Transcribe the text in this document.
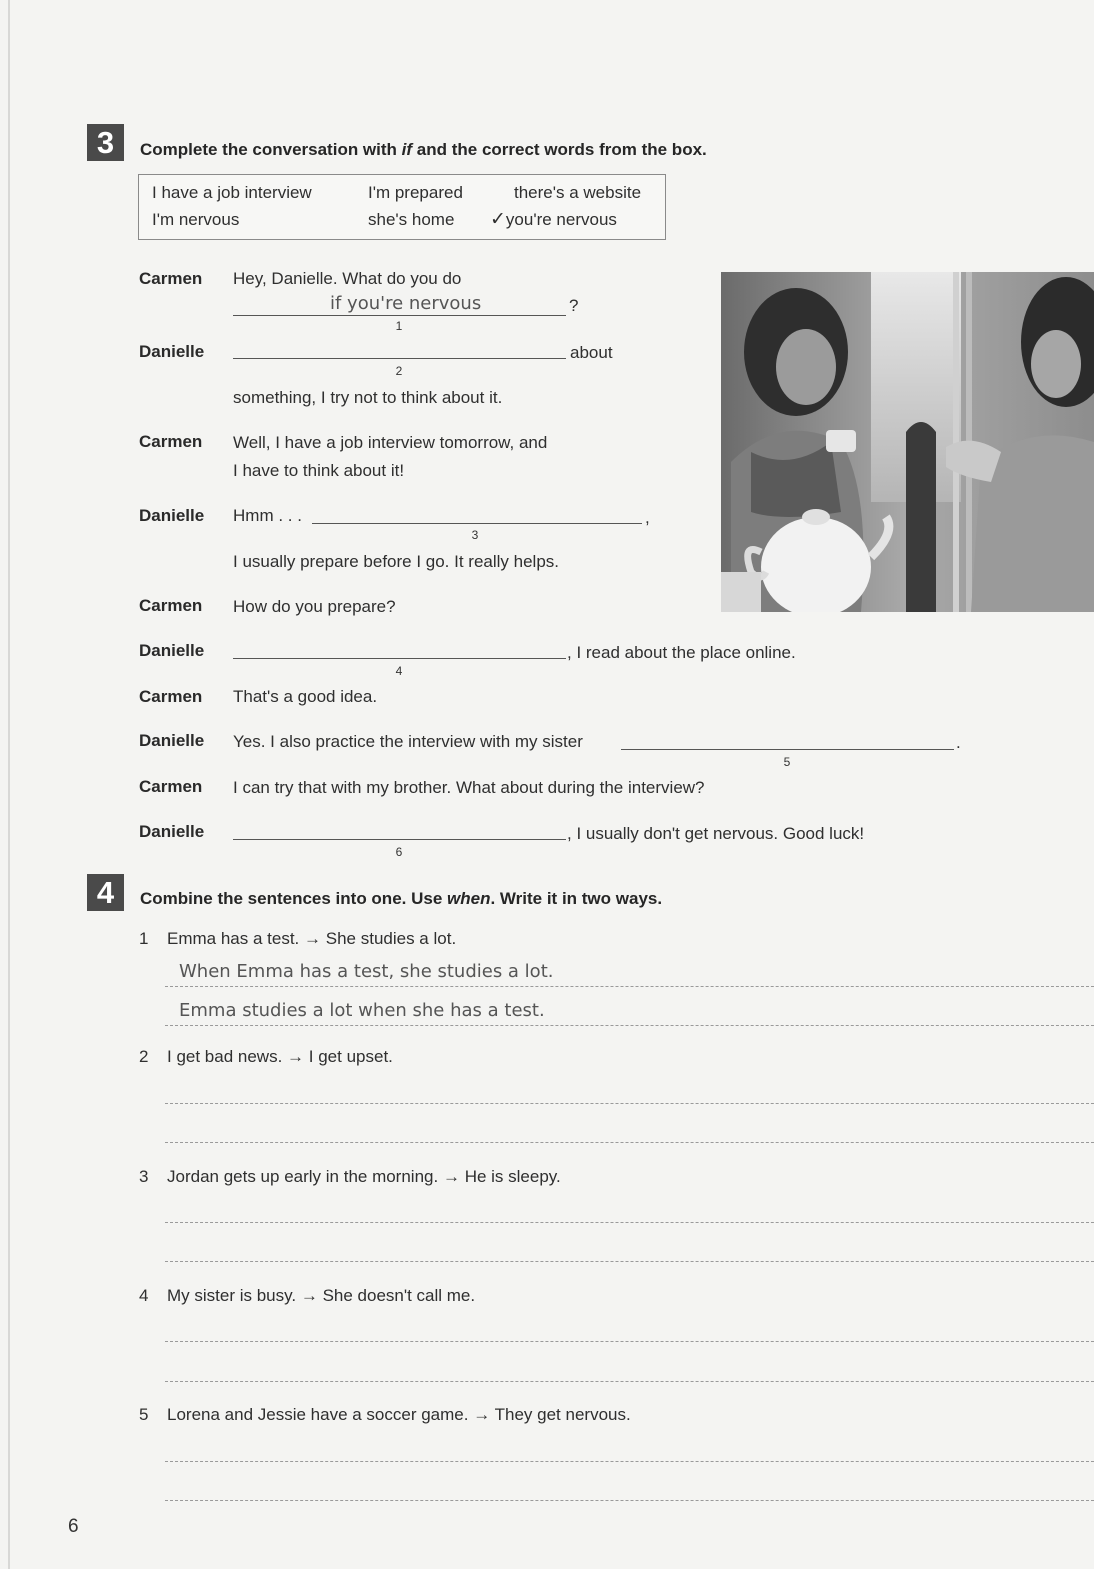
3	Complete the conversation with if and the correct words from the box.
I have a job interview	I'm prepared	there's a website
I'm nervous	she's home ✓you're nervous
Carmen Hey, Danielle. What do you do
if you're nervous
1
?
Danielle
2
about
something, I try not to think about it.
Carmen Well, I have a job interview tomorrow, and
I have to think about it!
Danielle Hmm . . .
3
,
I usually prepare before I go. It really helps.
Carmen How do you prepare?
Danielle
4
, I read about the place online.
Carmen That's a good idea.
Danielle Yes. I also practice the interview with my sister
5
.
Carmen I can try that with my brother. What about during the interview?
Danielle
6
, I usually don't get nervous. Good luck!
4	Combine the sentences into one. Use when. Write it in two ways.
1 Emma has a test. → She studies a lot.
When Emma has a test, she studies a lot.
Emma studies a lot when she has a test.
2 I get bad news. → I get upset.
3 Jordan gets up early in the morning. → He is sleepy.
4 My sister is busy. → She doesn't call me.
5 Lorena and Jessie have a soccer game. → They get nervous.
6
